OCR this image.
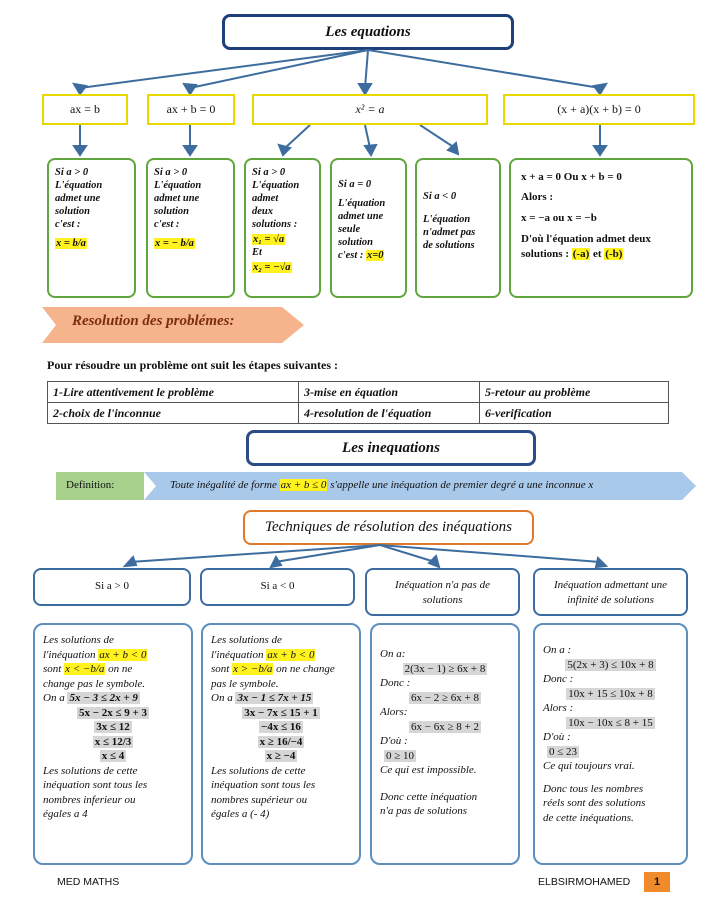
Les equations
ax = b	ax + b = 0	x² = a	(x + a)(x + b) = 0
Si a > 0
L'équation
admet une
solution
c'est :
x = b/a
Si a > 0
L'équation
admet une
solution
c'est :
x = − b/a
Si a > 0
L'équation
admet
deux
solutions :
x₁ = √a
Et
x₂ = −√a
Si a = 0
L'équation
admet une
seule
solution
c'est : x=0
Si a < 0
L'équation
n'admet pas
de solutions
x + a = 0 Ou x + b = 0
Alors :
x = −a ou x = −b
D'où l'équation admet deux
solutions : (-a) et (-b)
Resolution des problémes:
Pour résoudre un problème ont suit les étapes suivantes :
1-Lire attentivement le problème	3-mise en équation	5-retour au problème
2-choix de l'inconnue	4-resolution de l'équation	6-verification
Les inequations
Definition:	Toute inégalité de forme ax + b ≤ 0 s'appelle une inéquation de premier degré a une inconnue x
Techniques de résolution des inéquations
Si a > 0	Si a < 0	Inéquation n'a pas de solutions
Inéquation admettant une infinité de solutions
Les solutions de
l'inéquation ax + b < 0
sont x < −b/a on ne
change pas le symbole.
On a 5x − 3 ≤ 2x + 9
5x − 2x ≤ 9 + 3
3x ≤ 12
x ≤ 12/3
x ≤ 4
Les solutions de cette
inéquation sont tous les
nombres inferieur ou
égales a 4
Les solutions de
l'inéquation ax + b < 0
sont x > −b/a on ne change
pas le symbole.
On a 3x − 1 ≤ 7x + 15
3x − 7x ≤ 15 + 1
−4x ≤ 16
x ≥ 16/−4
x ≥ −4
Les solutions de cette
inéquation sont tous les
nombres supérieur ou
égales a (- 4)
On a:
2(3x − 1) ≥ 6x + 8
Donc :
6x − 2 ≥ 6x + 8
Alors:
6x − 6x ≥ 8 + 2
D'où :
0 ≥ 10
Ce qui est impossible.
Donc cette inéquation
n'a pas de solutions
On a :
5(2x + 3) ≤ 10x + 8
Donc :
10x + 15 ≤ 10x + 8
Alors :
10x − 10x ≤ 8 + 15
D'où :
0 ≤ 23
Ce qui toujours vrai.
Donc tous les nombres
réels sont des solutions
de cette inéquations.
MED MATHS	ELBSIRMOHAMED	1
